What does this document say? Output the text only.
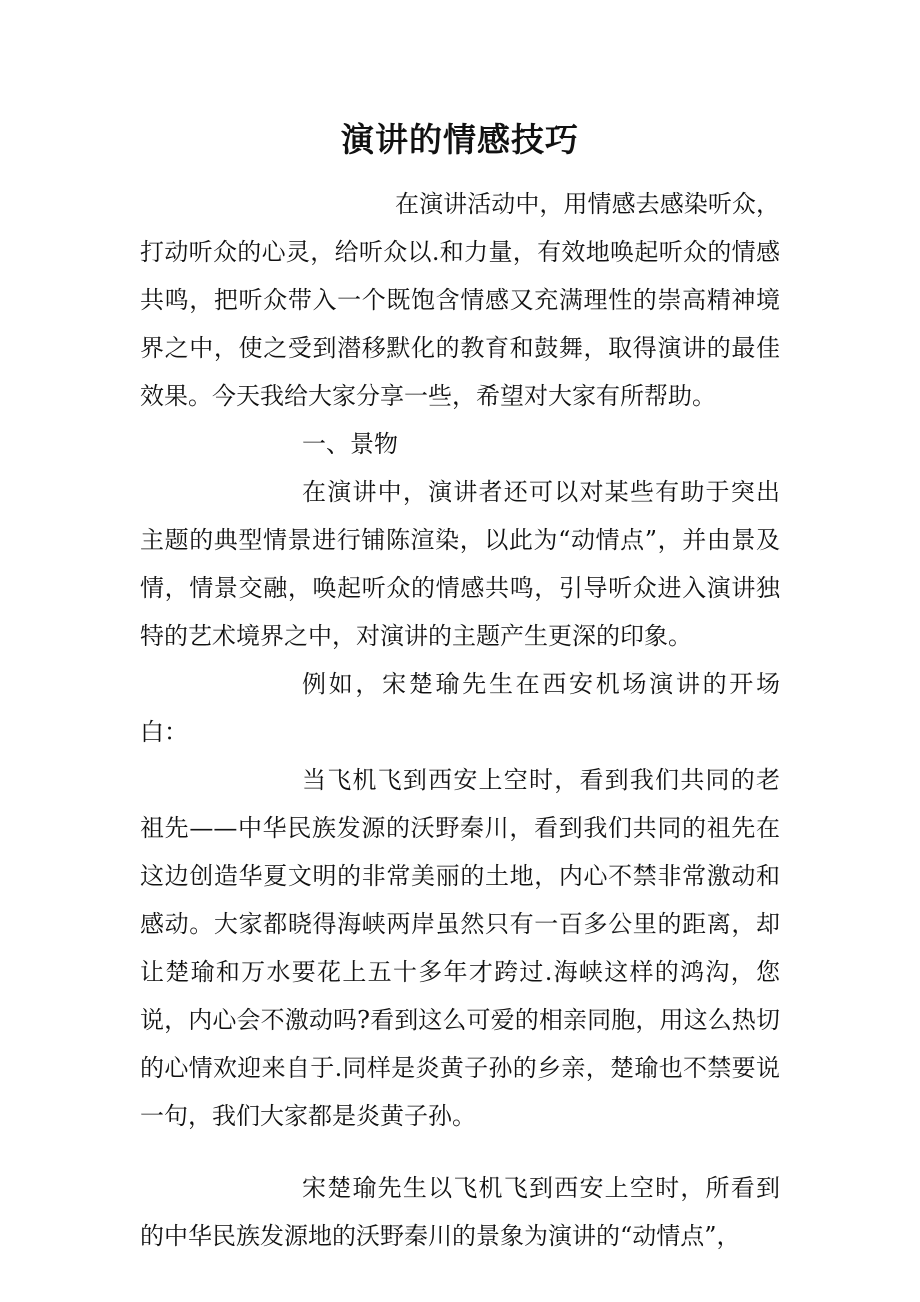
演讲的情感技巧

在演讲活动中，用情感去感染听众，打动听众的心灵，给听众以.和力量，有效地唤起听众的情感共鸣，把听众带入一个既饱含情感又充满理性的崇高精神境界之中，使之受到潜移默化的教育和鼓舞，取得演讲的最佳效果。今天我给大家分享一些，希望对大家有所帮助。

一、景物

在演讲中，演讲者还可以对某些有助于突出主题的典型情景进行铺陈渲染，以此为“动情点”，并由景及情，情景交融，唤起听众的情感共鸣，引导听众进入演讲独特的艺术境界之中，对演讲的主题产生更深的印象。

例如，宋楚瑜先生在西安机场演讲的开场白：

当飞机飞到西安上空时，看到我们共同的老祖先——中华民族发源的沃野秦川，看到我们共同的祖先在这边创造华夏文明的非常美丽的土地，内心不禁非常激动和感动。大家都晓得海峡两岸虽然只有一百多公里的距离，却让楚瑜和万水要花上五十多年才跨过.海峡这样的鸿沟，您说，内心会不激动吗?看到这么可爱的相亲同胞，用这么热切的心情欢迎来自于.同样是炎黄子孙的乡亲，楚瑜也不禁要说一句，我们大家都是炎黄子孙。

宋楚瑜先生以飞机飞到西安上空时，所看到的中华民族发源地的沃野秦川的景象为演讲的“动情点”，
